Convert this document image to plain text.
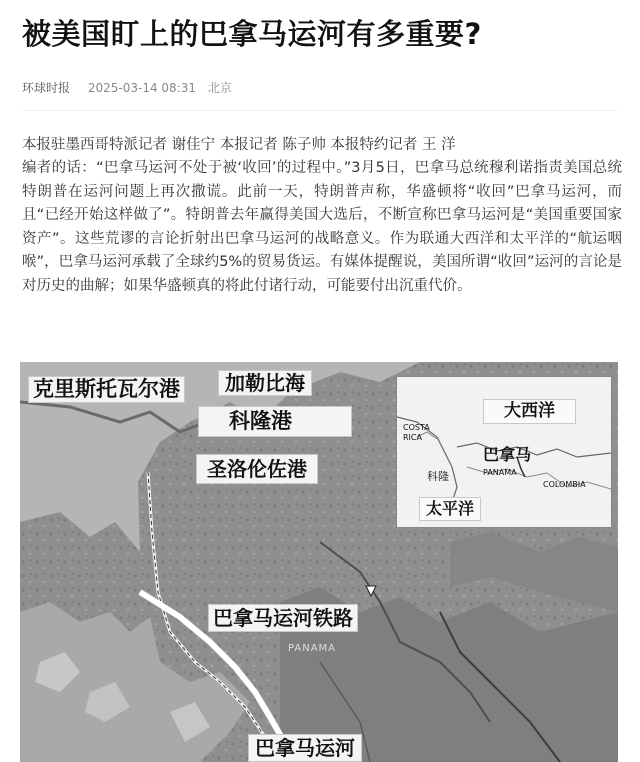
被美国盯上的巴拿马运河有多重要?
环球时报 2025-03-14 08:31 北京
本报驻墨西哥特派记者 谢佳宁 本报记者 陈子帅 本报特约记者 王 洋
编者的话：“巴拿马运河不处于被‘收回’的过程中。”3月5日，巴拿马总统穆利诺指责美国总统特朗普在运河问题上再次撒谎。此前一天，特朗普声称，华盛顿将“收回”巴拿马运河，而且“已经开始这样做了”。特朗普去年赢得美国大选后，不断宣称巴拿马运河是“美国重要国家资产”。这些荒谬的言论折射出巴拿马运河的战略意义。作为联通大西洋和太平洋的“航运咽喉”，巴拿马运河承载了全球约5%的贸易货运。有媒体提醒说，美国所谓“收回”运河的言论是对历史的曲解；如果华盛顿真的将此付诸行动，可能要付出沉重代价。
克里斯托瓦尔港	加勒比海
科隆港
圣洛伦佐港
巴拿马运河铁路
PANAMA
巴拿马运河
大西洋
COSTA RICA
科隆
巴拿马
PANAMA
COLOMBIA
太平洋
